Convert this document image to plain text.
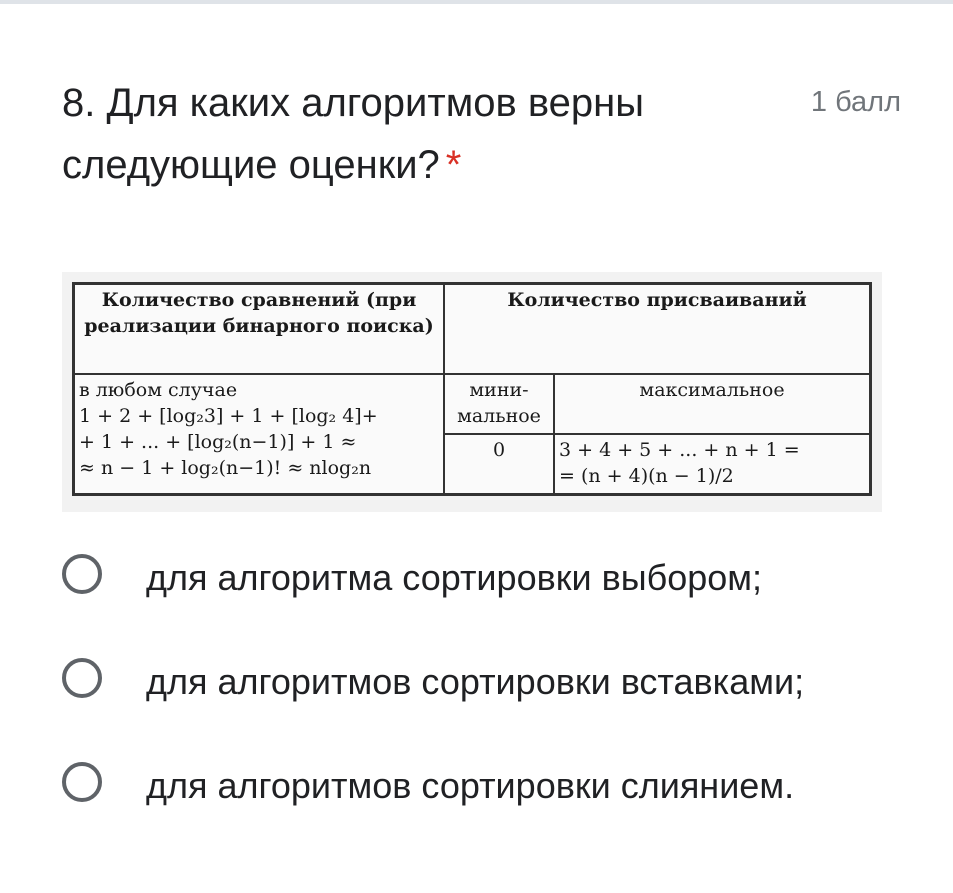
8. Для каких алгоритмов верны следующие оценки? *
1 балл
Количество сравнений (при реализации бинарного поиска)	Количество присваиваний	

в любом случае
1 + 2 + [log₂3] + 1 + [log₂ 4]+
+ 1 + ... + [log₂(n−1)] + 1 ≈
≈ n − 1 + log₂(n−1)! ≈ nlog₂n	мини-мальное	максимальное
	0	3 + 4 + 5 + ... + n + 1 =
= (n + 4)(n − 1)/2
для алгоритма сортировки выбором;
для алгоритмов сортировки вставками;
для алгоритмов сортировки слиянием.
